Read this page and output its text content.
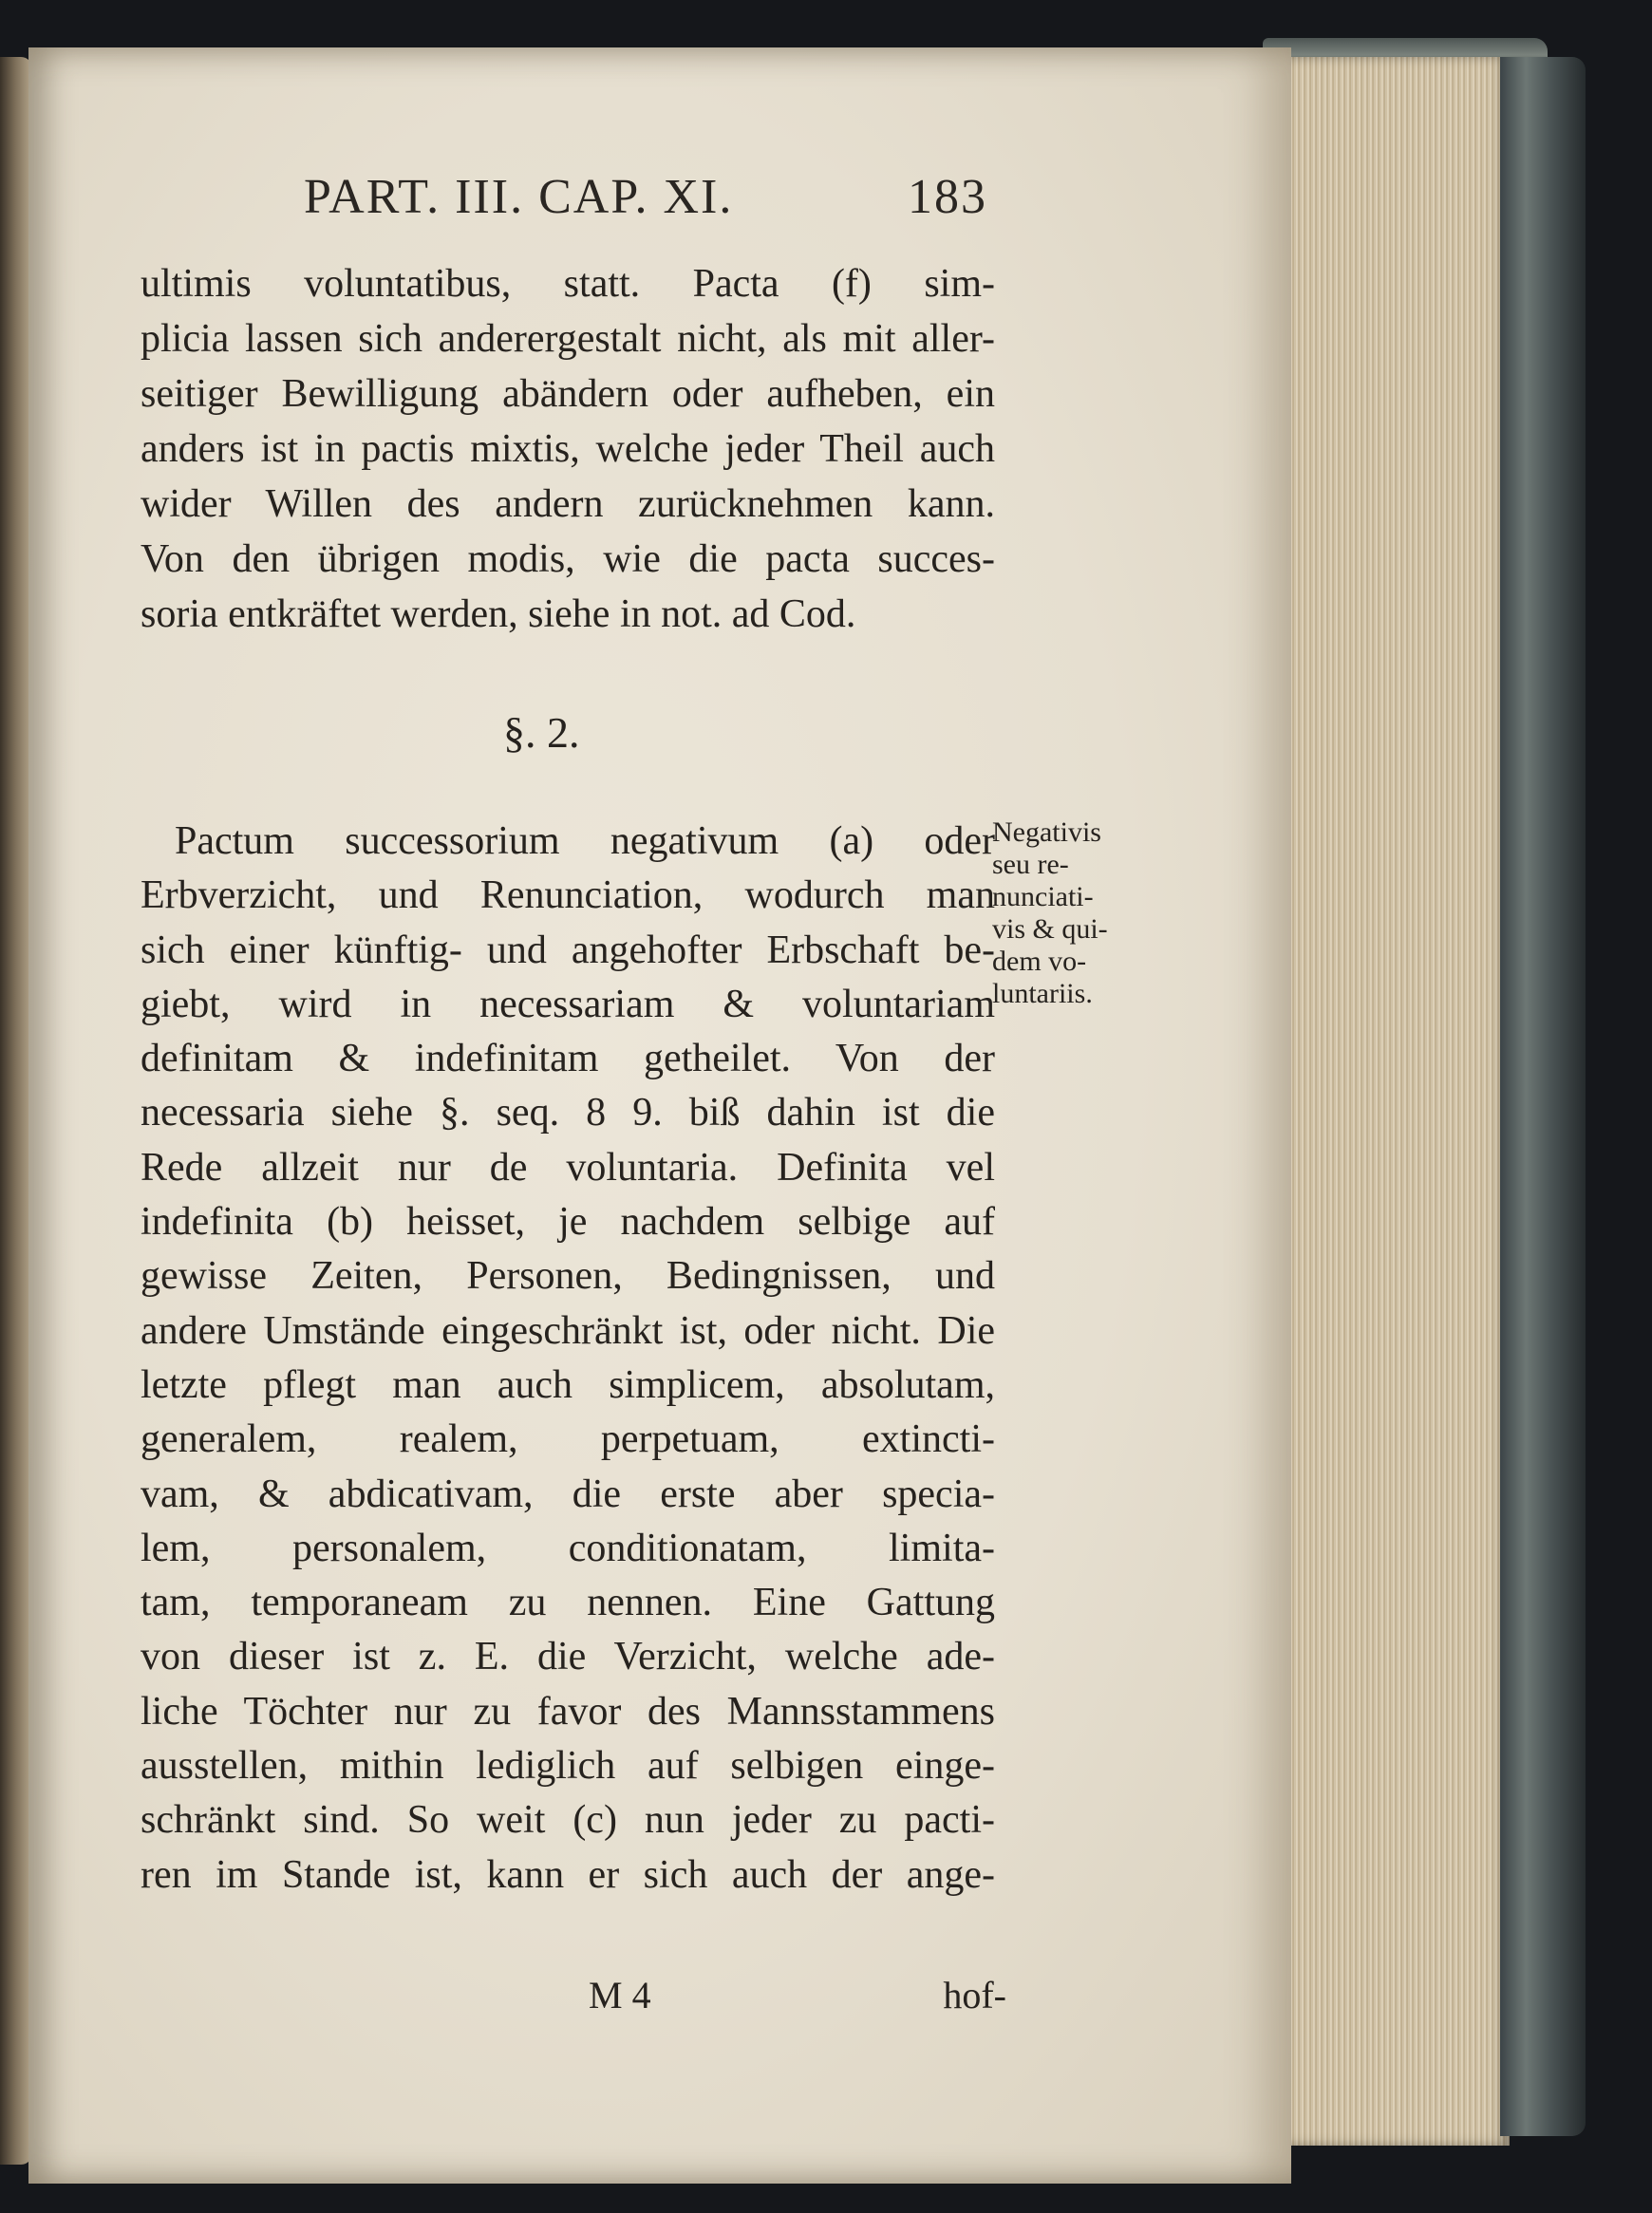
PART. III. CAP. XI.	183
ultimis voluntatibus, statt. Pacta (f) sim-
plicia lassen sich anderergestalt nicht, als mit aller-
seitiger Bewilligung abändern oder aufheben, ein
anders ist in pactis mixtis, welche jeder Theil auch
wider Willen des andern zurücknehmen kann.
Von den übrigen modis, wie die pacta succes-
soria entkräftet werden, siehe in not. ad Cod.
§. 2.
Pactum successorium negativum (a) oder
Erbverzicht, und Renunciation, wodurch man
sich einer künftig- und angehofter Erbschaft be-
giebt, wird in necessariam & voluntariam
definitam & indefinitam getheilet. Von der
necessaria siehe §. seq. 8 9. biß dahin ist die
Rede allzeit nur de voluntaria. Definita vel
indefinita (b) heisset, je nachdem selbige auf
gewisse Zeiten, Personen, Bedingnissen, und
andere Umstände eingeschränkt ist, oder nicht. Die
letzte pflegt man auch simplicem, absolutam,
generalem, realem, perpetuam, extincti-
vam, & abdicativam, die erste aber specia-
lem, personalem, conditionatam, limita-
tam, temporaneam zu nennen. Eine Gattung
von dieser ist z. E. die Verzicht, welche ade-
liche Töchter nur zu favor des Mannsstammens
ausstellen, mithin lediglich auf selbigen einge-
schränkt sind. So weit (c) nun jeder zu pacti-
ren im Stande ist, kann er sich auch der ange-
Negativis
seu re-
nunciati-
vis & qui-
dem vo-
luntariis.
M 4	hof-
